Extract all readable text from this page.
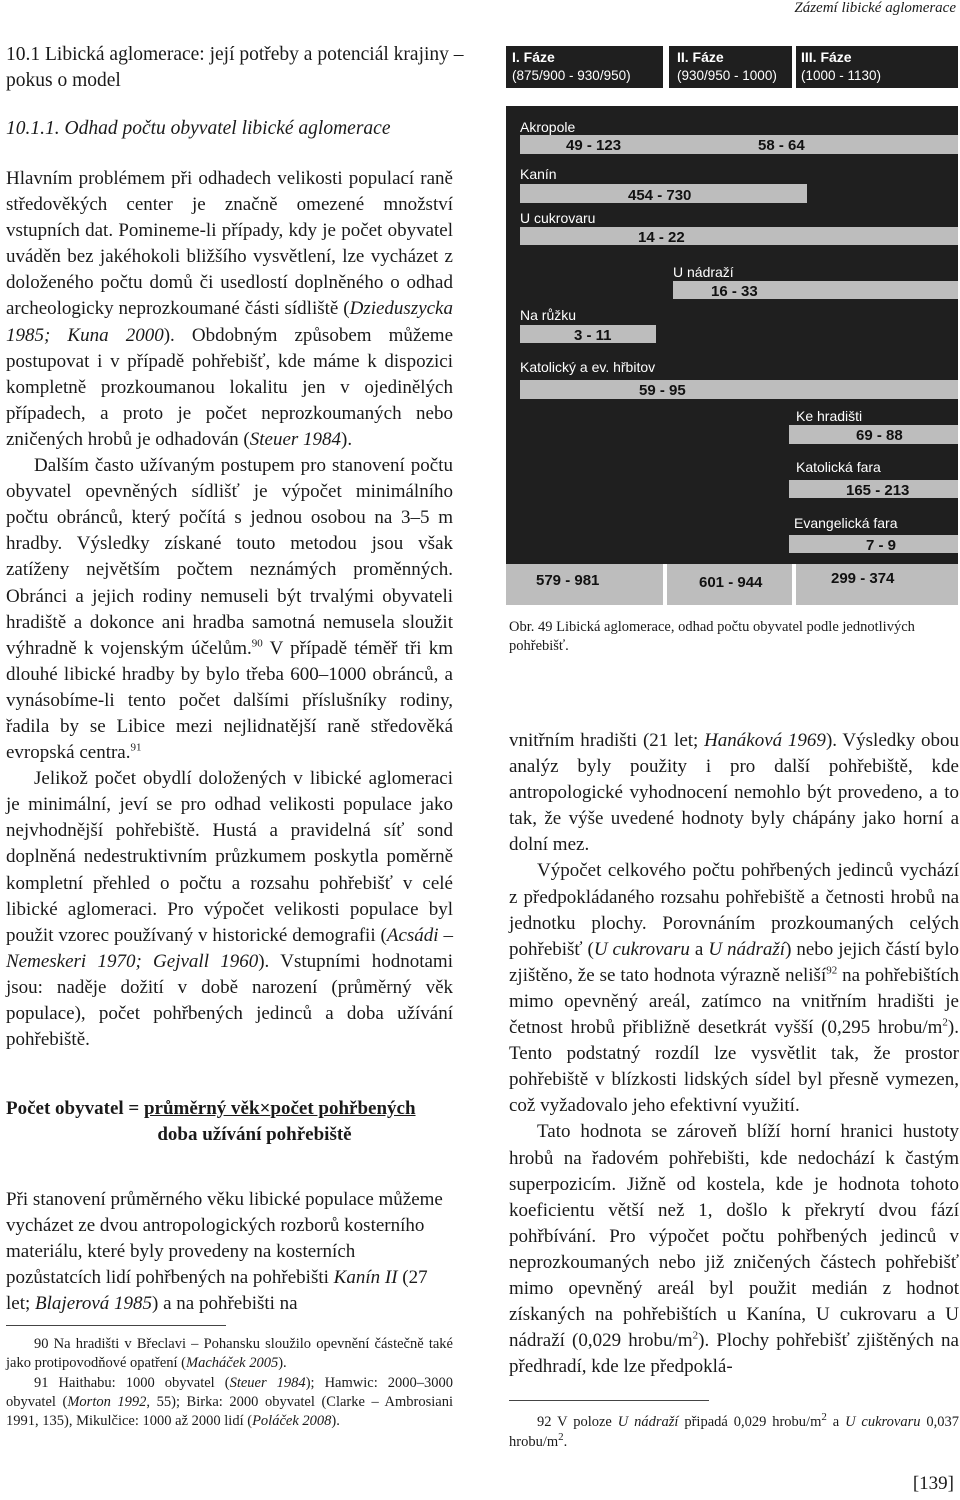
Zázemí libické aglomerace
10.1 Libická aglomerace: její potřeby a potenciál krajiny – pokus o model
10.1.1. Odhad počtu obyvatel libické aglomerace

Hlavním problémem při odhadech velikosti populací raně středověkých center je značně omezené množství vstupních dat. Pomineme-li případy, kdy je počet obyvatel uváděn bez jakéhokoli bližšího vysvětlení, lze vycházet z doloženého počtu domů či usedlostí doplněného o odhad archeologicky neprozkoumané části sídliště (Dzieduszycka 1985; Kuna 2000). Obdobným způsobem můžeme postupovat i v případě pohřebišť, kde máme k dispozici kompletně prozkoumanou lokalitu jen v ojedinělých případech, a proto je počet neprozkoumaných nebo zničených hrobů je odhadován (Steuer 1984).

Dalším často užívaným postupem pro stanovení počtu obyvatel opevněných sídlišť je výpočet minimálního počtu obránců, který počítá s jednou osobou na 3–5 m hradby. Výsledky získané touto metodou jsou však zatíženy největším počtem neznámých proměnných. Obránci a jejich rodiny nemuseli být trvalými obyvateli hradiště a dokonce ani hradba samotná nemusela sloužit výhradně k vojenským účelům.$^{90}$ V případě téměř tři km dlouhé libické hradby by bylo třeba 600–1000 obránců, a vynásobíme-li tento počet dalšími příslušníky rodiny, řadila by se Libice mezi nejlidnatější raně středověká evropská centra.$^{91}$

Jelikož počet obydlí doložených v libické aglomeraci je minimální, jeví se pro odhad velikosti populace jako nejvhodnější pohřebiště. Hustá a pravidelná síť sond doplněná nedestruktivním průzkumem poskytla poměrně kompletní přehled o počtu a rozsahu pohřebišť v celé libické aglomeraci. Pro výpočet velikosti populace byl použit vzorec používaný v historické demografii (Acsádi – Nemeskeri 1970; Gejvall 1960). Vstupními hodnotami jsou: naděje dožití v době narození (průměrný věk populace), počet pohřbených jedinců a doba užívání pohřebiště.

Počet obyvatel = průměrný věk×počet pohřbených
doba užívání pohřebiště

Při stanovení průměrného věku libické populace můžeme vycházet ze dvou antropologických rozborů kosterního materiálu, které byly provedeny na kosterních pozůstatcích lidí pohřbených na pohřebišti Kanín II (27 let; Blajerová 1985) a na pohřebišti na

90 Na hradišti v Břeclavi – Pohansku sloužilo opevnění částečně také jako protipovodňové opatření (Macháček 2005).

91 Haithabu: 1000 obyvatel (Steuer 1984); Hamwic: 2000–3000 obyvatel (Morton 1992, 55); Birka: 2000 obyvatel (Clarke – Ambrosiani 1991, 135), Mikulčice: 1000 až 2000 lidí (Poláček 2008).

I. Fáze
(875/900 - 930/950)
II. Fáze
(930/950 - 1000)
III. Fáze
(1000 - 1130)
Akropole
49 - 123	58 - 64
Kanín
454 - 730
U cukrovaru
14 - 22
U nádraží
16 - 33
Na růžku
3 - 11
Katolický a ev. hřbitov
59 - 95
Ke hradišti
69 - 88
Katolická fara
165 - 213
Evangelická fara
7 - 9
579 - 981	601 - 944	299 - 374
Obr. 49 Libická aglomerace, odhad počtu obyvatel podle jednotlivých pohřebišť.

vnitřním hradišti (21 let; Hanáková 1969). Výsledky obou analýz byly použity i pro další pohřebiště, kde antropologické vyhodnocení nemohlo být provedeno, a to tak, že výše uvedené hodnoty byly chápány jako horní a dolní mez.

Výpočet celkového počtu pohřbených jedinců vychází z předpokládaného rozsahu pohřebiště a četnosti hrobů na jednotku plochy. Porovnáním prozkoumaných celých pohřebišť (U cukrovaru a U nádraží) nebo jejich částí bylo zjištěno, že se tato hodnota výrazně neliší$^{92}$ na pohřebištích mimo opevněný areál, zatímco na vnitřním hradišti je četnost hrobů přibližně desetkrát vyšší (0,295 hrobu/$m^2$). Tento podstatný rozdíl lze vysvětlit tak, že prostor pohřebiště v blízkosti lidských sídel byl přesně vymezen, což vyžadovalo jeho efektivní využití.

Tato hodnota se zároveň blíží horní hranici hustoty hrobů na řadovém pohřebišti, kde nedochází k častým superpozicím. Jižně od kostela, kde je hodnota tohoto koeficientu větší než 1, došlo k překrytí dvou fází pohřbívání. Pro výpočet počtu pohřbených jedinců v neprozkoumaných nebo již zničených částech pohřebišť mimo opevněný areál byl použit medián z hodnot získaných na pohřebištích u Kanína, U cukrovaru a U nádraží (0,029 hrobu/$m^2$). Plochy pohřebišť zjištěných na předhradí, kde lze předpoklá-

92 V poloze U nádraží připadá 0,029 hrobu/$m^2$ a U cukrovaru 0,037 hrobu/$m^2$.

[139]
